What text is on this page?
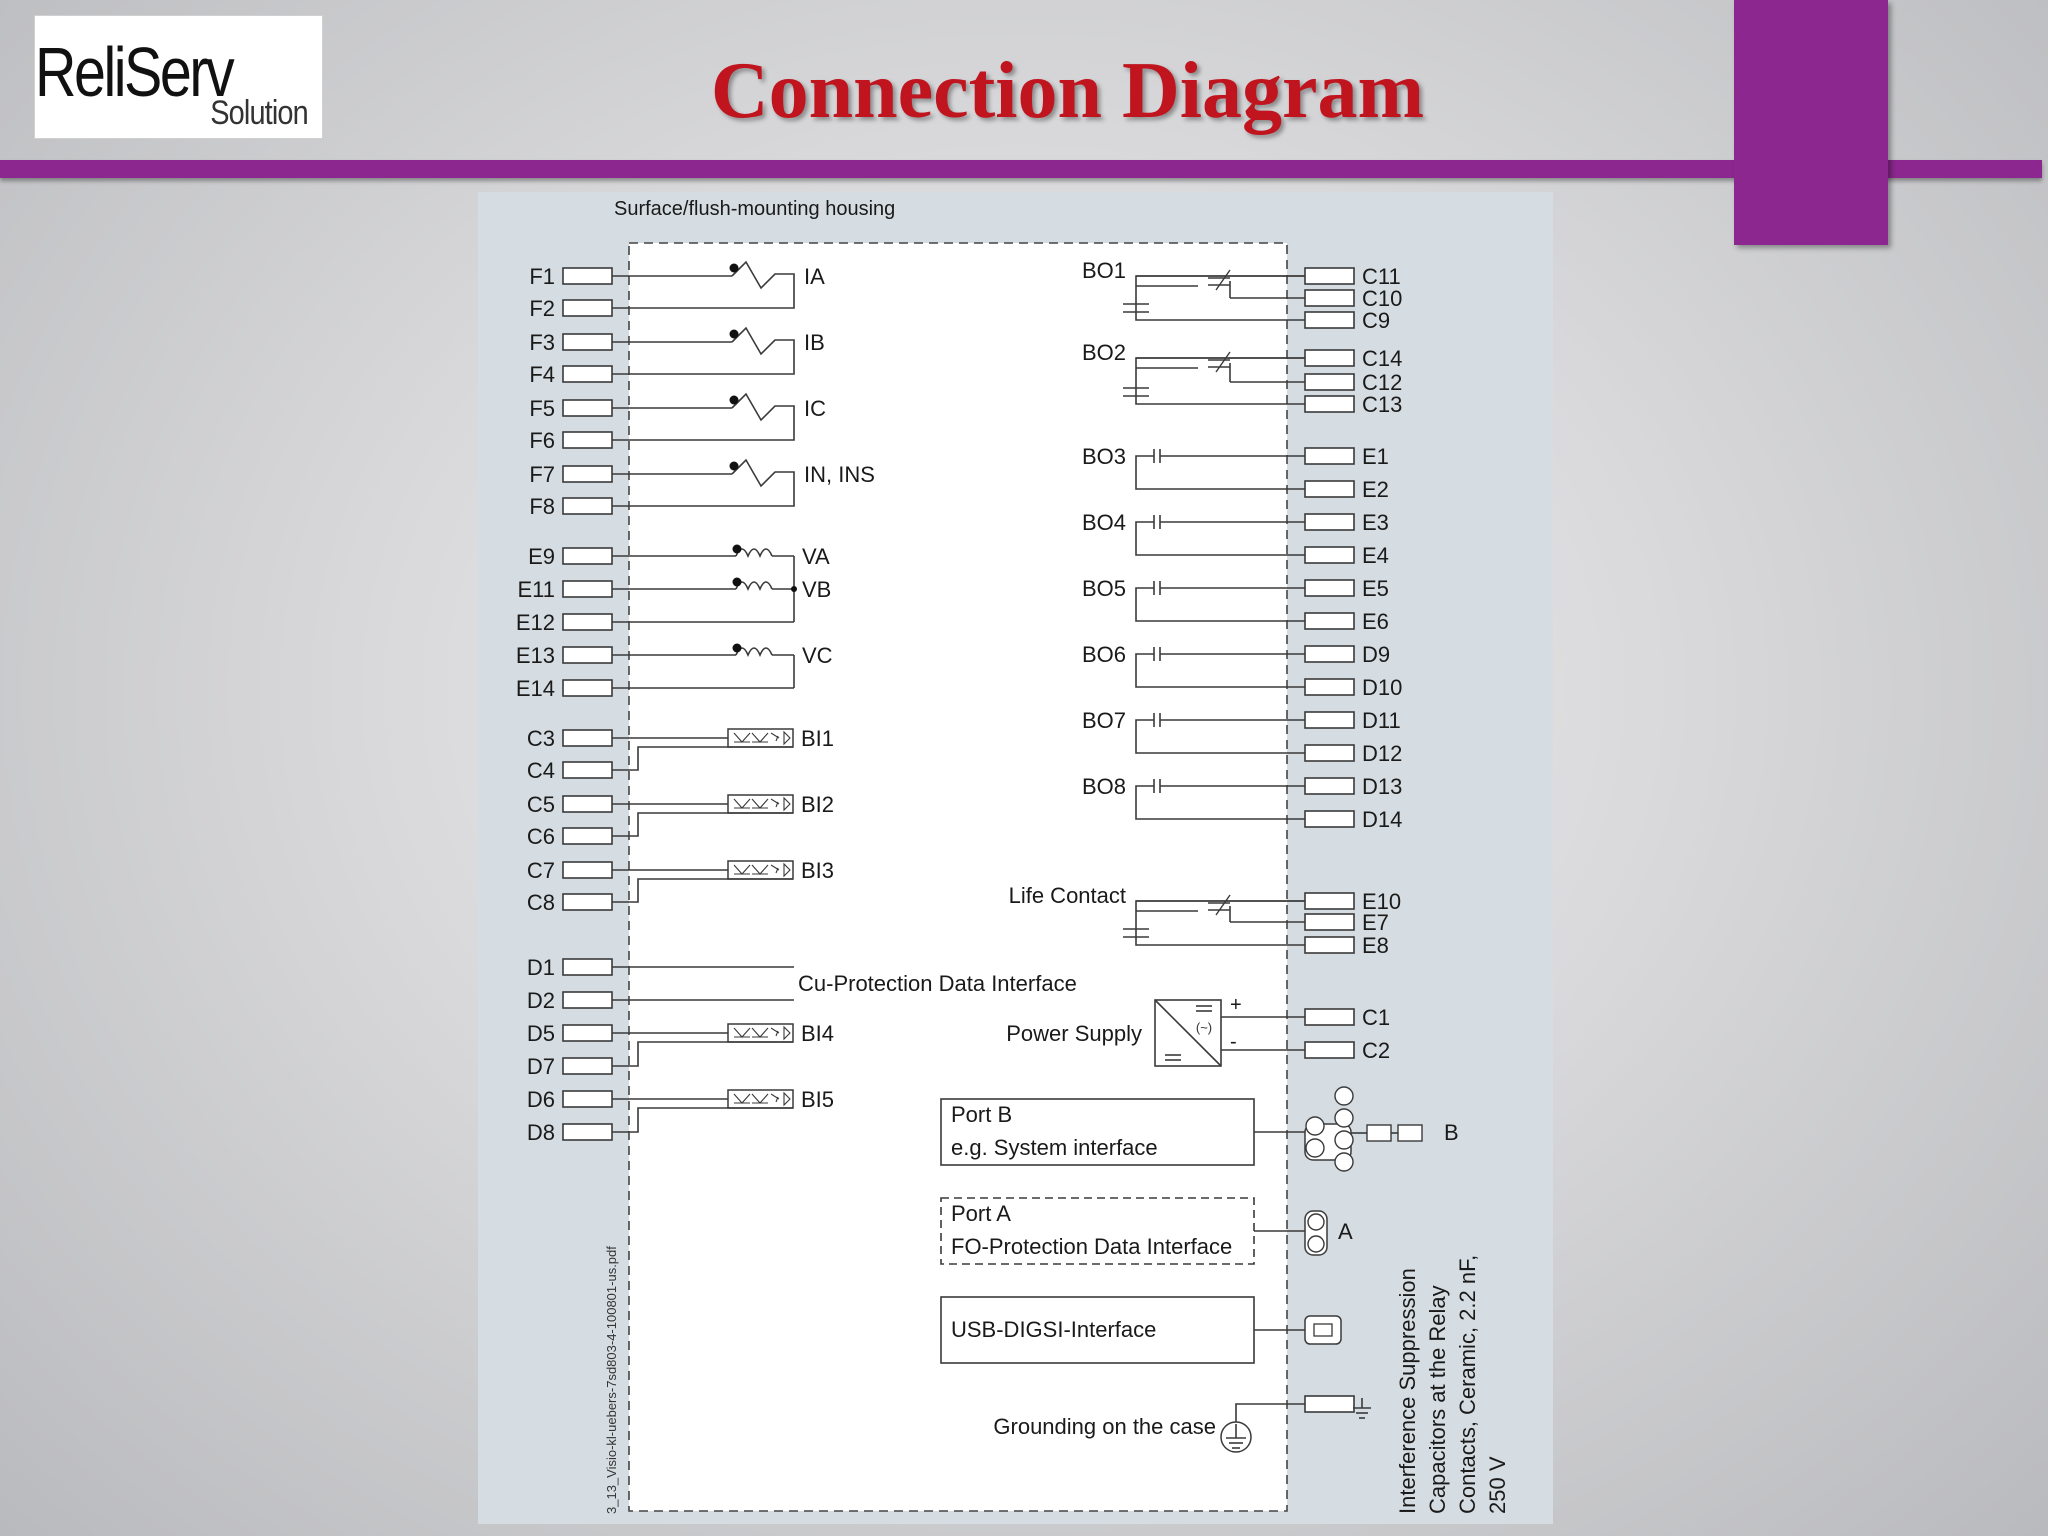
ReliServ
Solution	Connection Diagram
Surface/flush-mounting housing
F1
F2
IA
F3
F4
IB
F5
F6
IC
F7
F8
IN, INS
E9
E11
E12
E13
E14
VA
VB
VC
C3
C4
BI1
C5
C6
BI2
C7
C8
BI3
D1
D2
Cu-Protection Data Interface
D5
D7
BI4
D6
D8
BI5
C11
C10
C9
BO1
C14
C12
C13
BO2
E1
E2
BO3
E3
E4
BO4
E5
E6
BO5
D9
D10
BO6
D11
D12
BO7
D13
D14
BO8
E10
E7
E8
Life Contact
C1
C2
(~)
+
-
Power Supply
Port B
e.g. System interface
B
Port A
FO-Protection Data Interface
A
USB-DIGSI-Interface
Grounding on the case
3_13_Visio-kl-uebers-7sd803-4-100801-us.pdf	Interference Suppression Capacitors at the Relay Contacts, Ceramic, 2.2 nF, 250 V
